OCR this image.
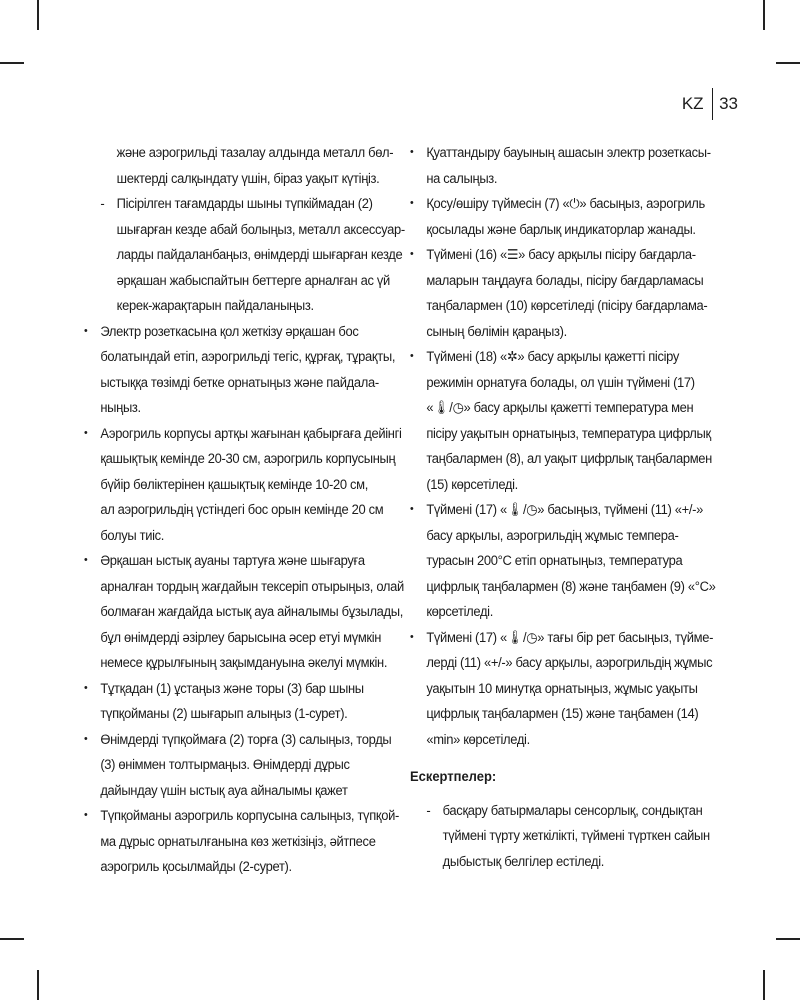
KZ 33
және аэрогрильді тазалау алдында металл бөл-
шектерді салқындату үшін, біраз уақыт күтіңіз.
- Пісірілген тағамдарды шыны түпкіймадан (2)
шығарған кезде абай болыңыз, металл аксессуар-
ларды пайдаланбаңыз, өнімдерді шығарған кезде
әрқашан жабыспайтын беттерге арналған ас үй
керек-жарақтарын пайдаланыңыз.
• Электр розеткасына қол жеткізу әрқашан бос
болатындай етіп, аэрогрильді тегіс, құрғақ, тұрақты,
ыстыққа төзімді бетке орнатыңыз және пайдала-
ныңыз.
• Аэрогриль корпусы артқы жағынан қабырғаға дейінгі
қашықтық кемінде 20-30 см, аэрогриль корпусының
бүйір бөліктерінен қашықтық кемінде 10-20 см,
ал аэрогрильдің үстіндегі бос орын кемінде 20 см
болуы тиіс.
• Әрқашан ыстық ауаны тартуға және шығаруға
арналған тордың жағдайын тексеріп отырыңыз, олай
болмаған жағдайда ыстық ауа айналымы бұзылады,
бұл өнімдерді әзірлеу барысына әсер етуі мүмкін
немесе құрылғының зақымдануына әкелуі мүмкін.
• Тұтқадан (1) ұстаңыз және торы (3) бар шыны
түпқойманы (2) шығарып алыңыз (1-сурет).
• Өнімдерді түпқоймаға (2) торға (3) салыңыз, торды
(3) өніммен толтырмаңыз. Өнімдерді дұрыс
дайындау үшін ыстық ауа айналымы қажет
• Түпқойманы аэрогриль корпусына салыңыз, түпқой-
ма дұрыс орнатылғанына көз жеткізіңіз, әйтпесе
аэрогриль қосылмайды (2-сурет).
• Қуаттандыру бауының ашасын электр розеткасы-
на салыңыз.
• Қосу/өшіру түймесін (7) «⏻» басыңыз, аэрогриль
қосылады және барлық индикаторлар жанады.
• Түймені (16) «☰» басу арқылы пісіру бағдарла-
маларын таңдауға болады, пісіру бағдарламасы
таңбалармен (10) көрсетіледі (пісіру бағдарлама-
сының бөлімін қараңыз).
• Түймені (18) «✲» басу арқылы қажетті пісіру
режимін орнатуға болады, ол үшін түймені (17)
«🌡/◷» басу арқылы қажетті температура мен
пісіру уақытын орнатыңыз, температура цифрлық
таңбалармен (8), ал уақыт цифрлық таңбалармен
(15) көрсетіледі.
• Түймені (17) «🌡/◷» басыңыз, түймені (11) «+/-»
басу арқылы, аэрогрильдің жұмыс темпера-
турасын 200°С етіп орнатыңыз, температура
цифрлық таңбалармен (8) және таңбамен (9) «°С»
көрсетіледі.
• Түймені (17) «🌡/◷» тағы бір рет басыңыз, түйме-
лерді (11) «+/-» басу арқылы, аэрогрильдің жұмыс
уақытын 10 минутқа орнатыңыз, жұмыс уақыты
цифрлық таңбалармен (15) және таңбамен (14)
«min» көрсетіледі.
Ескертпелер:
- басқару батырмалары сенсорлық, сондықтан
түймені түрту жеткілікті, түймені түрткен сайын
дыбыстық белгілер естіледі.
